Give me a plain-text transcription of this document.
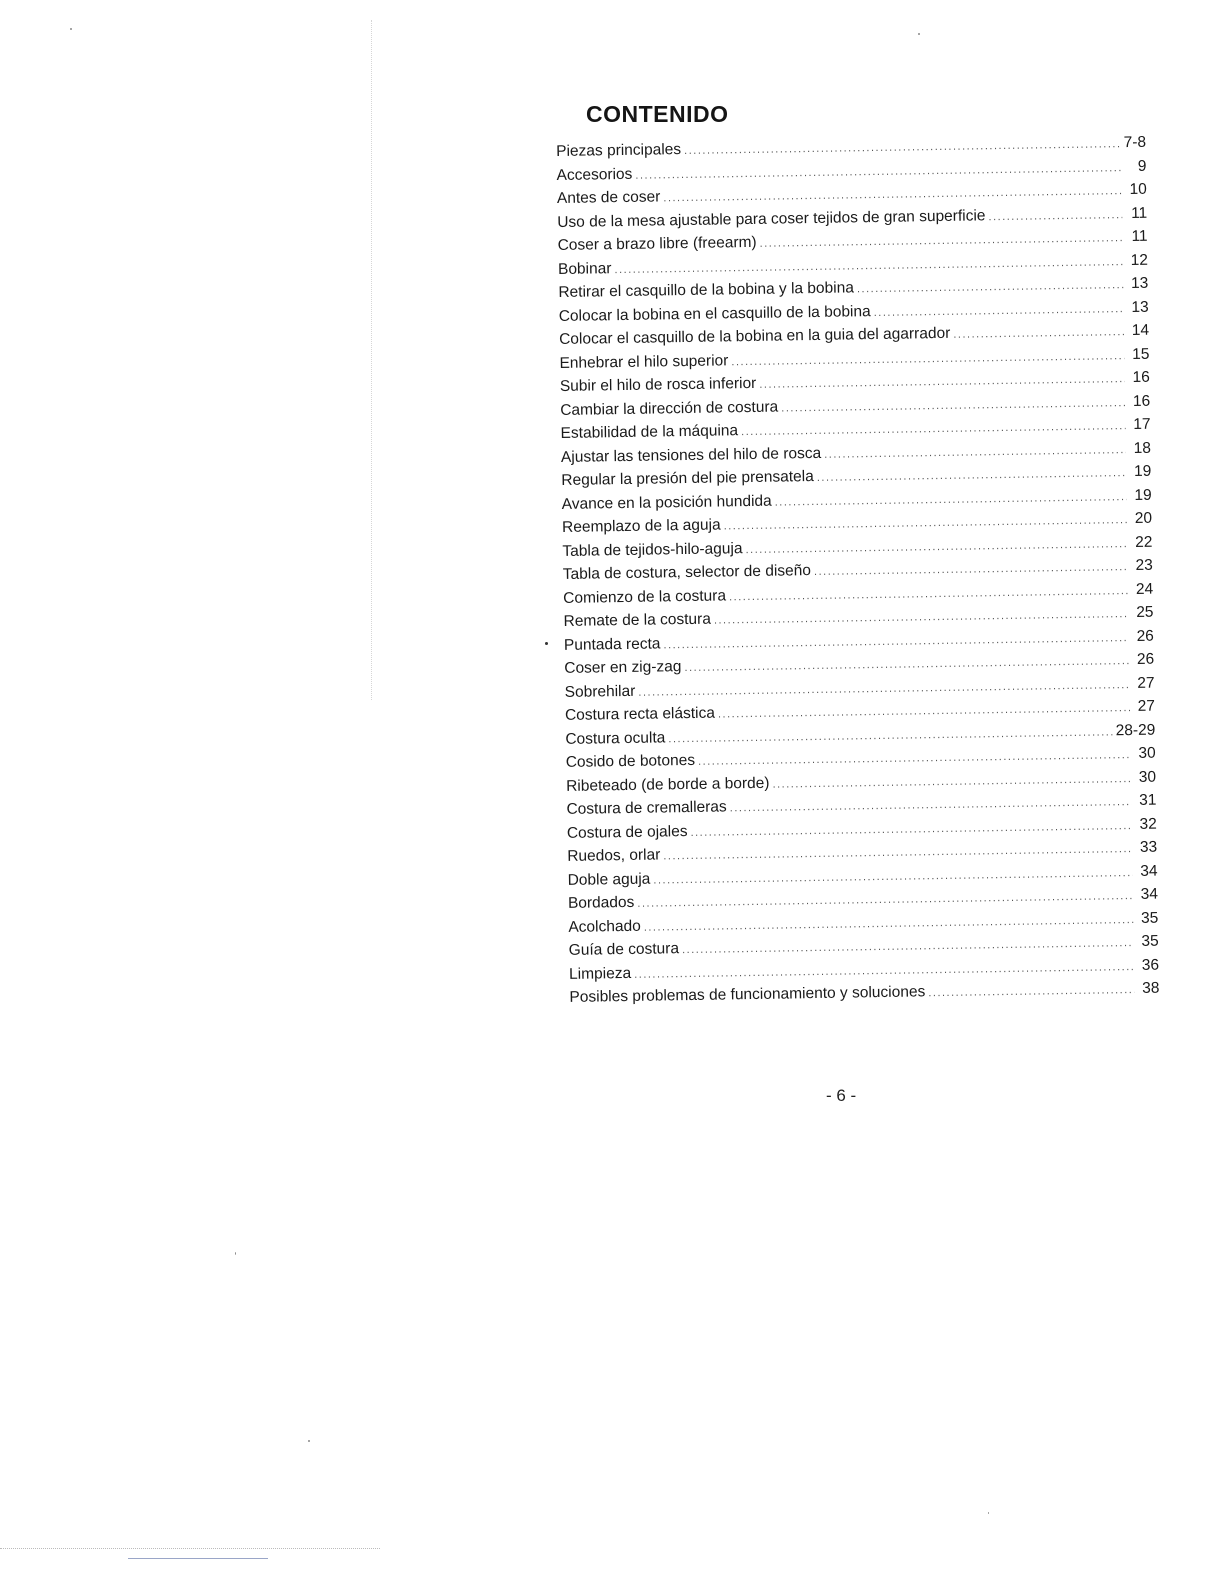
CONTENIDO
Piezas principales .....	7-8
Accesorios .....	9
Antes de coser .....	10
Uso de la mesa ajustable para coser tejidos de gran superficie .....	11
Coser a brazo libre (freearm) .....	11
Bobinar .....	12
Retirar el casquillo de la bobina y la bobina .....	13
Colocar la bobina en el casquillo de la bobina .....	13
Colocar el casquillo de la bobina en la guia del agarrador .....	14
Enhebrar el hilo superior .....	15
Subir el hilo de rosca inferior .....	16
Cambiar la dirección de costura .....	16
Estabilidad de la máquina .....	17
Ajustar las tensiones del hilo de rosca .....	18
Regular la presión del pie prensatela .....	19
Avance en la posición hundida .....	19
Reemplazo de la aguja .....	20
Tabla de tejidos-hilo-aguja .....	22
Tabla de costura, selector de diseño .....	23
Comienzo de la costura .....	24
Remate de la costura .....	25
Puntada recta .....	26
Coser en zig-zag .....	26
Sobrehilar .....	27
Costura recta elástica .....	27
Costura oculta .....	28-29
Cosido de botones .....	30
Ribeteado (de borde a borde) .....	30
Costura de cremalleras .....	31
Costura de ojales .....	32
Ruedos, orlar .....	33
Doble aguja .....	34
Bordados .....	34
Acolchado .....	35
Guía de costura .....	35
Limpieza .....	36
Posibles problemas de funcionamiento y soluciones .....	38
- 6 -
